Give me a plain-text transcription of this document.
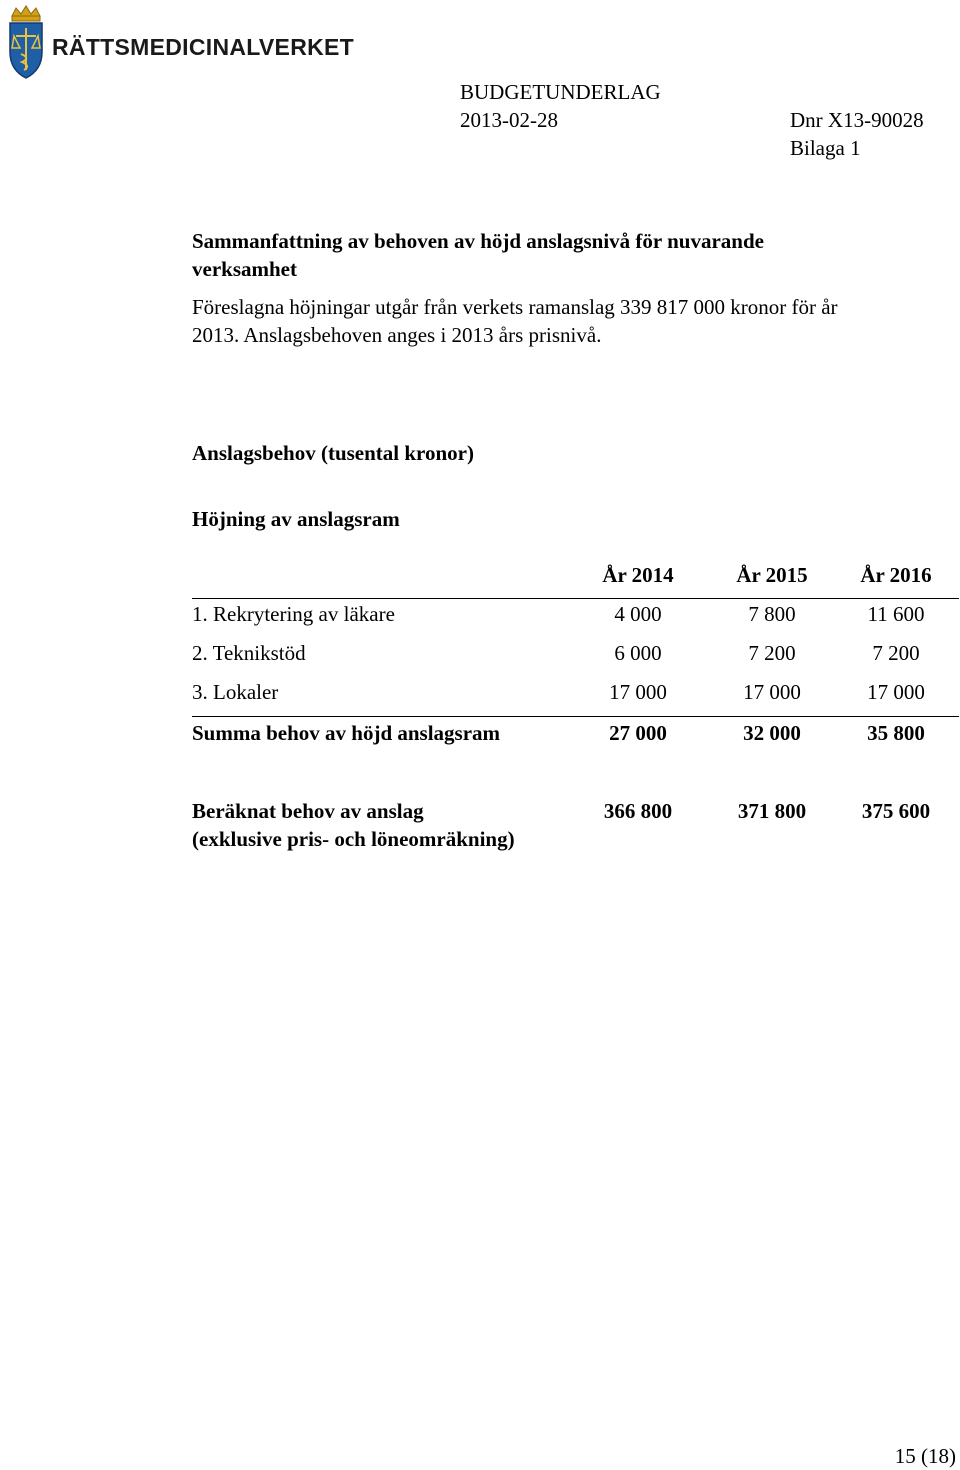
RÄTTSMEDICINALVERKET
BUDGETUNDERLAG
2013-02-28	Dnr X13-90028
Bilaga 1
Sammanfattning av behoven av höjd anslagsnivå för nuvarande
verksamhet
Föreslagna höjningar utgår från verkets ramanslag 339 817 000 kronor för år
2013. Anslagsbehoven anges i 2013 års prisnivå.
Anslagsbehov (tusental kronor)
Höjning av anslagsram
År 2014	År 2015	År 2016
1. Rekrytering av läkare	4 000	7 800	11 600
2. Teknikstöd	6 000	7 200	7 200
3. Lokaler	17 000	17 000	17 000
Summa behov av höjd anslagsram	27 000	32 000	35 800
Beräknat behov av anslag
(exklusive pris- och löneomräkning)
366 800	371 800	375 600
15 (18)
